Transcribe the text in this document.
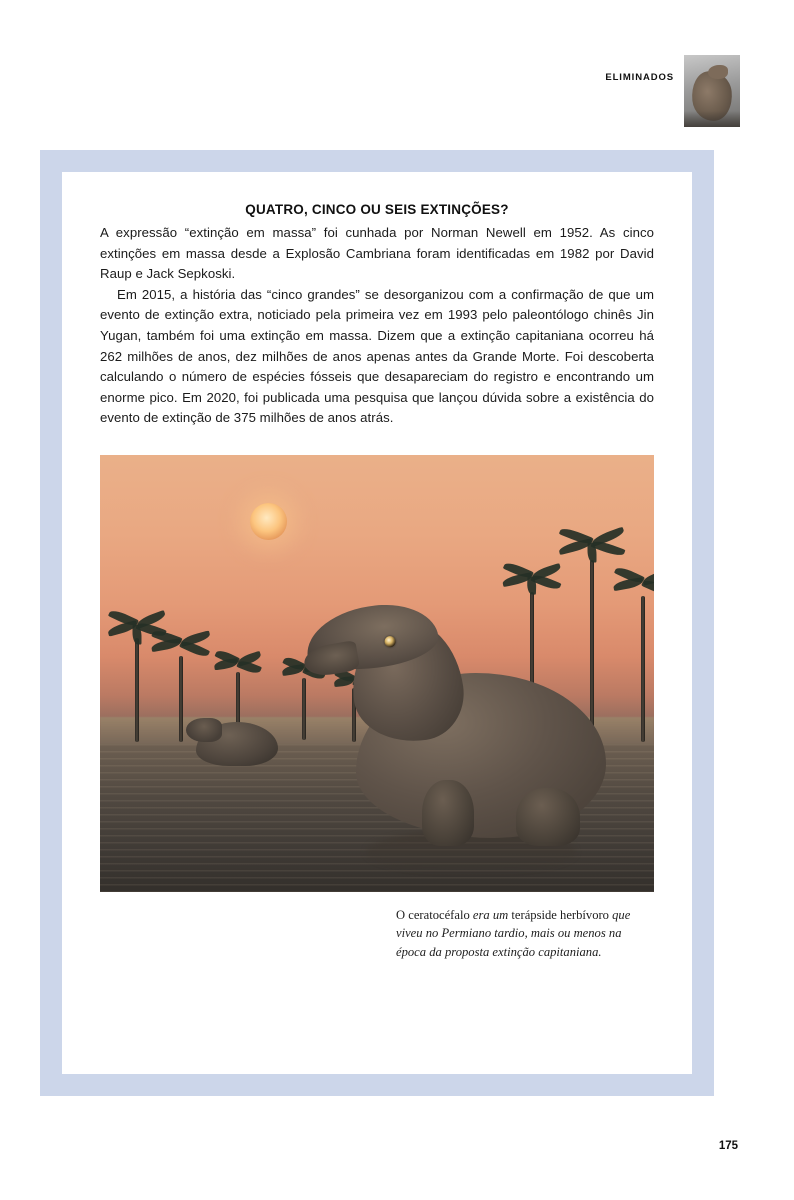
ELIMINADOS
QUATRO, CINCO OU SEIS EXTINÇÕES?

A expressão “extinção em massa” foi cunhada por Norman Newell em 1952. As cinco extinções em massa desde a Explosão Cambriana foram identificadas em 1982 por David Raup e Jack Sepkoski.

Em 2015, a história das “cinco grandes” se desorganizou com a confirmação de que um evento de extinção extra, noticiado pela primeira vez em 1993 pelo paleontólogo chinês Jin Yugan, também foi uma extinção em massa. Dizem que a extinção capitaniana ocorreu há 262 milhões de anos, dez milhões de anos apenas antes da Grande Morte. Foi descoberta calculando o número de espécies fósseis que desapareciam do registro e encontrando um enorme pico. Em 2020, foi publicada uma pesquisa que lançou dúvida sobre a existência do evento de extinção de 375 milhões de anos atrás.

O ceratocéfalo era um terápside herbívoro que viveu no Permiano tardio, mais ou menos na época da proposta extinção capitaniana.
175
